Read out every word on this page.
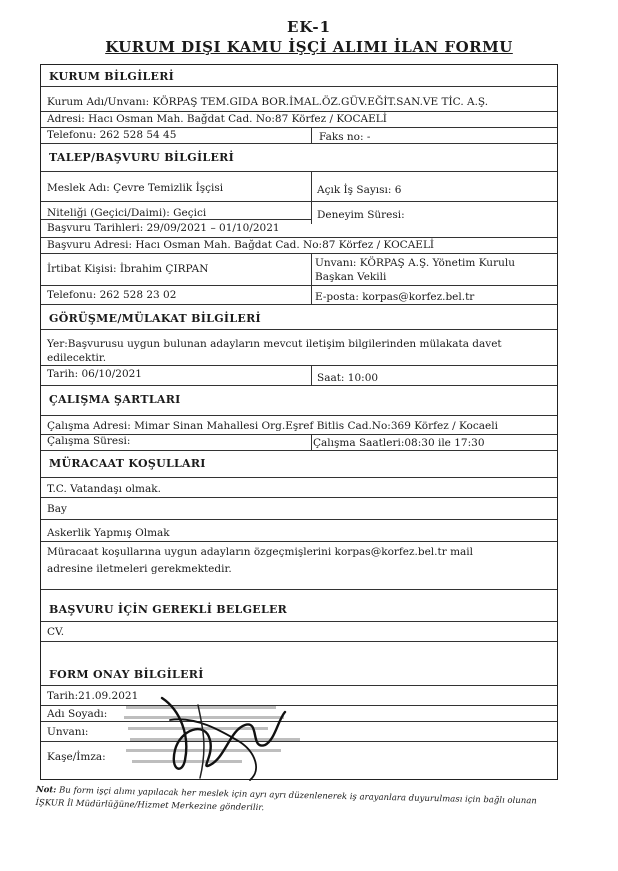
EK-1
KURUM DIŞI KAMU İŞÇİ ALIMI İLAN FORMU
KURUM BİLGİLERİ
Kurum Adı/Unvanı: KÖRPAŞ TEM.GIDA BOR.İMAL.ÖZ.GÜV.EĞİT.SAN.VE TİC. A.Ş.
Adresi: Hacı Osman Mah. Bağdat Cad. No:87 Körfez / KOCAELİ
Telefonu: 262 528 54 45	Faks no: -
TALEP/BAŞVURU BİLGİLERİ
Meslek Adı: Çevre Temizlik İşçisi	Açık İş Sayısı: 6
Niteliği (Geçici/Daimi): Geçici	Deneyim Süresi:
Başvuru Tarihleri: 29/09/2021 – 01/10/2021
Başvuru Adresi: Hacı Osman Mah. Bağdat Cad. No:87 Körfez / KOCAELİ
İrtibat Kişisi: İbrahim ÇIRPAN	Unvanı: KÖRPAŞ A.Ş. Yönetim Kurulu
Başkan Vekili
Telefonu: 262 528 23 02	E-posta: korpas@korfez.bel.tr
GÖRÜŞME/MÜLAKAT BİLGİLERİ
Yer:Başvurusu uygun bulunan adayların mevcut iletişim bilgilerinden mülakata davet
edilecektir.
Tarih: 06/10/2021	Saat: 10:00
ÇALIŞMA ŞARTLARI
Çalışma Adresi: Mimar Sinan Mahallesi Org.Eşref Bitlis Cad.No:369 Körfez / Kocaeli
Çalışma Süresi:	Çalışma Saatleri:08:30 ile 17:30
MÜRACAAT KOŞULLARI
T.C. Vatandaşı olmak.
Bay
Askerlik Yapmış Olmak
Müracaat koşullarına uygun adayların özgeçmişlerini korpas@korfez.bel.tr mail
adresine iletmeleri gerekmektedir.
BAŞVURU İÇİN GEREKLİ BELGELER
CV.
FORM ONAY BİLGİLERİ
Tarih:21.09.2021
Adı Soyadı:
Unvanı:
Kaşe/İmza:
Not: Bu form işçi alımı yapılacak her meslek için ayrı ayrı düzenlenerek iş arayanlara duyurulması için bağlı olunan İŞKUR İl Müdürlüğüne/Hizmet Merkezine gönderilir.
